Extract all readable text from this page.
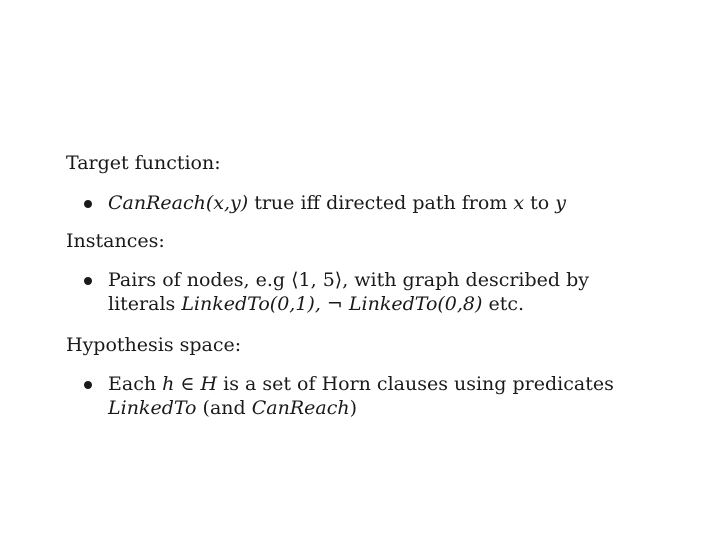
Target function:
CanReach(x,y) true iff directed path from x to y
Instances:
Pairs of nodes, e.g ⟨1, 5⟩, with graph described by
literals LinkedTo(0,1), ¬ LinkedTo(0,8) etc.
Hypothesis space:
Each h ∈ H is a set of Horn clauses using predicates
LinkedTo (and CanReach)
